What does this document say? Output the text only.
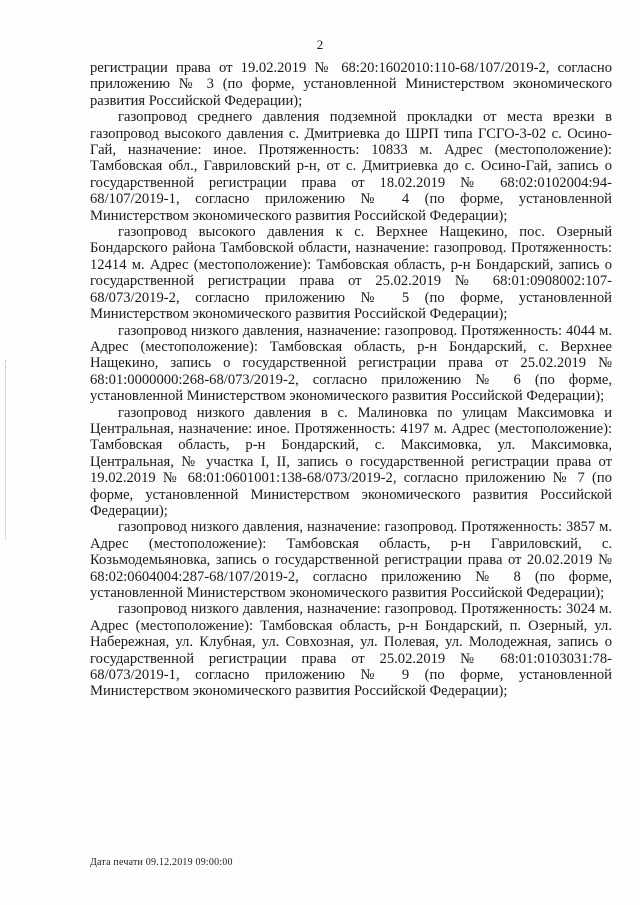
2

регистрации права от 19.02.2019 № 68:20:1602010:110-68/107/2019-2, согласно приложению № 3 (по форме, установленной Министерством экономического развития Российской Федерации);

газопровод среднего давления подземной прокладки от места врезки в газопровод высокого давления с. Дмитриевка до ШРП типа ГСГО-3-02 с. Осино-Гай, назначение: иное. Протяженность: 10833 м. Адрес (местоположение): Тамбовская обл., Гавриловский р-н, от с. Дмитриевка до с. Осино-Гай, запись о государственной регистрации права от 18.02.2019 № 68:02:0102004:94-68/107/2019-1, согласно приложению № 4 (по форме, установленной Министерством экономического развития Российской Федерации);

газопровод высокого давления к с. Верхнее Нащекино, пос. Озерный Бондарского района Тамбовской области, назначение: газопровод. Протяженность: 12414 м. Адрес (местоположение): Тамбовская область, р-н Бондарский, запись о государственной регистрации права от 25.02.2019 № 68:01:0908002:107-68/073/2019-2, согласно приложению № 5 (по форме, установленной Министерством экономического развития Российской Федерации);

газопровод низкого давления, назначение: газопровод. Протяженность: 4044 м. Адрес (местоположение): Тамбовская область, р-н Бондарский, с. Верхнее Нащекино, запись о государственной регистрации права от 25.02.2019 № 68:01:0000000:268-68/073/2019-2, согласно приложению № 6 (по форме, установленной Министерством экономического развития Российской Федерации);

газопровод низкого давления в с. Малиновка по улицам Максимовка и Центральная, назначение: иное. Протяженность: 4197 м. Адрес (местоположение): Тамбовская область, р-н Бондарский, с. Максимовка, ул. Максимовка, Центральная, № участка I, II, запись о государственной регистрации права от 19.02.2019 № 68:01:0601001:138-68/073/2019-2, согласно приложению № 7 (по форме, установленной Министерством экономического развития Российской Федерации);

газопровод низкого давления, назначение: газопровод. Протяженность: 3857 м. Адрес (местоположение): Тамбовская область, р-н Гавриловский, с. Козьмодемьяновка, запись о государственной регистрации права от 20.02.2019 № 68:02:0604004:287-68/107/2019-2, согласно приложению № 8 (по форме, установленной Министерством экономического развития Российской Федерации);

газопровод низкого давления, назначение: газопровод. Протяженность: 3024 м. Адрес (местоположение): Тамбовская область, р-н Бондарский, п. Озерный, ул. Набережная, ул. Клубная, ул. Совхозная, ул. Полевая, ул. Молодежная, запись о государственной регистрации права от 25.02.2019 № 68:01:0103031:78-68/073/2019-1, согласно приложению № 9 (по форме, установленной Министерством экономического развития Российской Федерации);

Дата печати 09.12.2019 09:00:00
